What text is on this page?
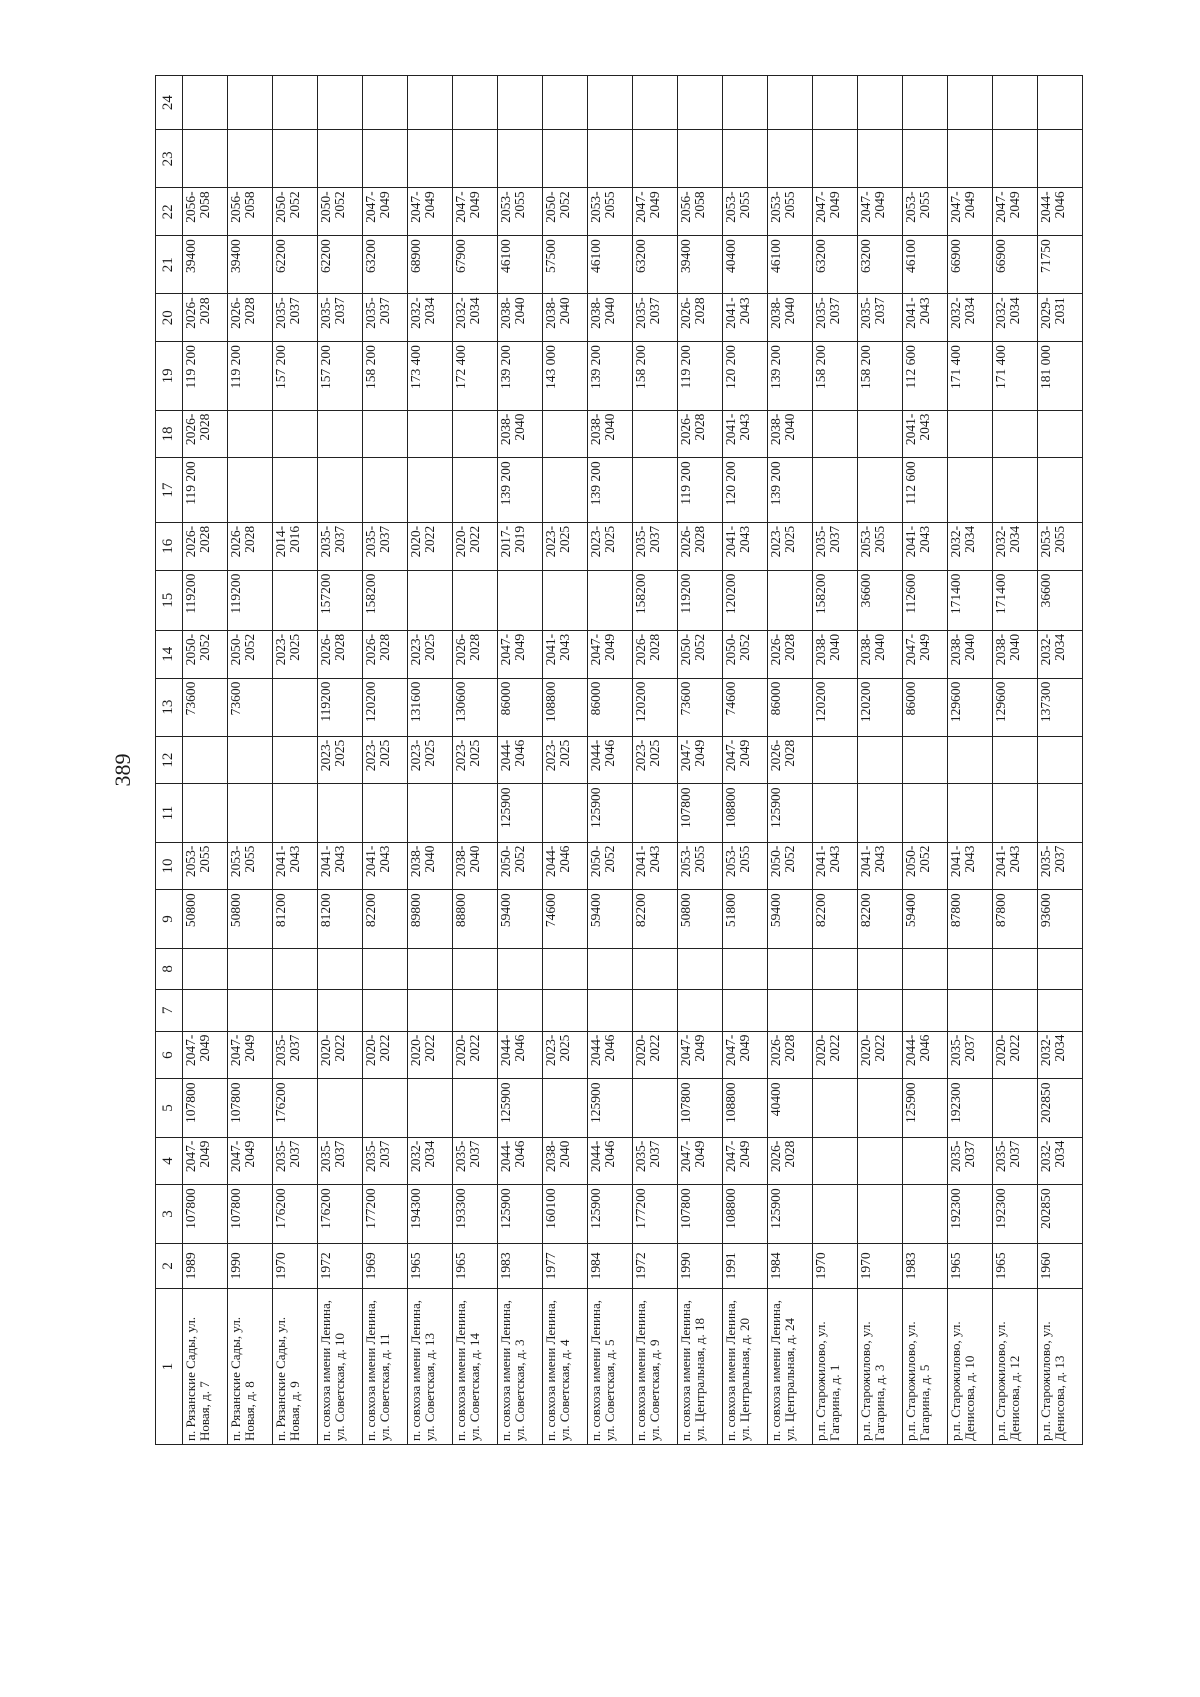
389
1	2	3	4	5	6	7	8	9	10	11	12	13	14	15	16	17	18	19	20	21	22	23	24
п. Рязанские Сады, ул. Новая, д. 7	1989	107800	2047-2049	107800	2047-2049			50800	2053-2055			73600	2050-2052	119200	2026-2028	119 200	2026-2028	119 200	2026-2028	39400	2056-2058		
п. Рязанские Сады, ул. Новая, д. 8	1990	107800	2047-2049	107800	2047-2049			50800	2053-2055			73600	2050-2052	119200	2026-2028			119 200	2026-2028	39400	2056-2058		
п. Рязанские Сады, ул. Новая, д. 9	1970	176200	2035-2037	176200	2035-2037			81200	2041-2043				2023-2025		2014-2016			157 200	2035-2037	62200	2050-2052		
п. совхоза имени Ленина, ул. Советская, д. 10	1972	176200	2035-2037		2020-2022			81200	2041-2043		2023-2025	119200	2026-2028	157200	2035-2037			157 200	2035-2037	62200	2050-2052		
п. совхоза имени Ленина, ул. Советская, д. 11	1969	177200	2035-2037		2020-2022			82200	2041-2043		2023-2025	120200	2026-2028	158200	2035-2037			158 200	2035-2037	63200	2047-2049		
п. совхоза имени Ленина, ул. Советская, д. 13	1965	194300	2032-2034		2020-2022			89800	2038-2040		2023-2025	131600	2023-2025		2020-2022			173 400	2032-2034	68900	2047-2049		
п. совхоза имени Ленина, ул. Советская, д. 14	1965	193300	2035-2037		2020-2022			88800	2038-2040		2023-2025	130600	2026-2028		2020-2022			172 400	2032-2034	67900	2047-2049		
п. совхоза имени Ленина, ул. Советская, д. 3	1983	125900	2044-2046	125900	2044-2046			59400	2050-2052	125900	2044-2046	86000	2047-2049		2017-2019	139 200	2038-2040	139 200	2038-2040	46100	2053-2055		
п. совхоза имени Ленина, ул. Советская, д. 4	1977	160100	2038-2040		2023-2025			74600	2044-2046		2023-2025	108800	2041-2043		2023-2025			143 000	2038-2040	57500	2050-2052		
п. совхоза имени Ленина, ул. Советская, д. 5	1984	125900	2044-2046	125900	2044-2046			59400	2050-2052	125900	2044-2046	86000	2047-2049		2023-2025	139 200	2038-2040	139 200	2038-2040	46100	2053-2055		
п. совхоза имени Ленина, ул. Советская, д. 9	1972	177200	2035-2037		2020-2022			82200	2041-2043		2023-2025	120200	2026-2028	158200	2035-2037			158 200	2035-2037	63200	2047-2049		
п. совхоза имени Ленина, ул. Центральная, д. 18	1990	107800	2047-2049	107800	2047-2049			50800	2053-2055	107800	2047-2049	73600	2050-2052	119200	2026-2028	119 200	2026-2028	119 200	2026-2028	39400	2056-2058		
п. совхоза имени Ленина, ул. Центральная, д. 20	1991	108800	2047-2049	108800	2047-2049			51800	2053-2055	108800	2047-2049	74600	2050-2052	120200	2041-2043	120 200	2041-2043	120 200	2041-2043	40400	2053-2055		
п. совхоза имени Ленина, ул. Центральная, д. 24	1984	125900	2026-2028	40400	2026-2028			59400	2050-2052	125900	2026-2028	86000	2026-2028		2023-2025	139 200	2038-2040	139 200	2038-2040	46100	2053-2055		
р.п. Старожилово, ул. Гагарина, д. 1	1970				2020-2022			82200	2041-2043			120200	2038-2040	158200	2035-2037			158 200	2035-2037	63200	2047-2049		
р.п. Старожилово, ул. Гагарина, д. 3	1970				2020-2022			82200	2041-2043			120200	2038-2040	36600	2053-2055			158 200	2035-2037	63200	2047-2049		
р.п. Старожилово, ул. Гагарина, д. 5	1983			125900	2044-2046			59400	2050-2052			86000	2047-2049	112600	2041-2043	112 600	2041-2043	112 600	2041-2043	46100	2053-2055		
р.п. Старожилово, ул. Денисова, д. 10	1965	192300	2035-2037	192300	2035-2037			87800	2041-2043			129600	2038-2040	171400	2032-2034			171 400	2032-2034	66900	2047-2049		
р.п. Старожилово, ул. Денисова, д. 12	1965	192300	2035-2037		2020-2022			87800	2041-2043			129600	2038-2040	171400	2032-2034			171 400	2032-2034	66900	2047-2049		
р.п. Старожилово, ул. Денисова, д. 13	1960	202850	2032-2034	202850	2032-2034			93600	2035-2037			137300	2032-2034	36600	2053-2055			181 000	2029-2031	71750	2044-2046		
